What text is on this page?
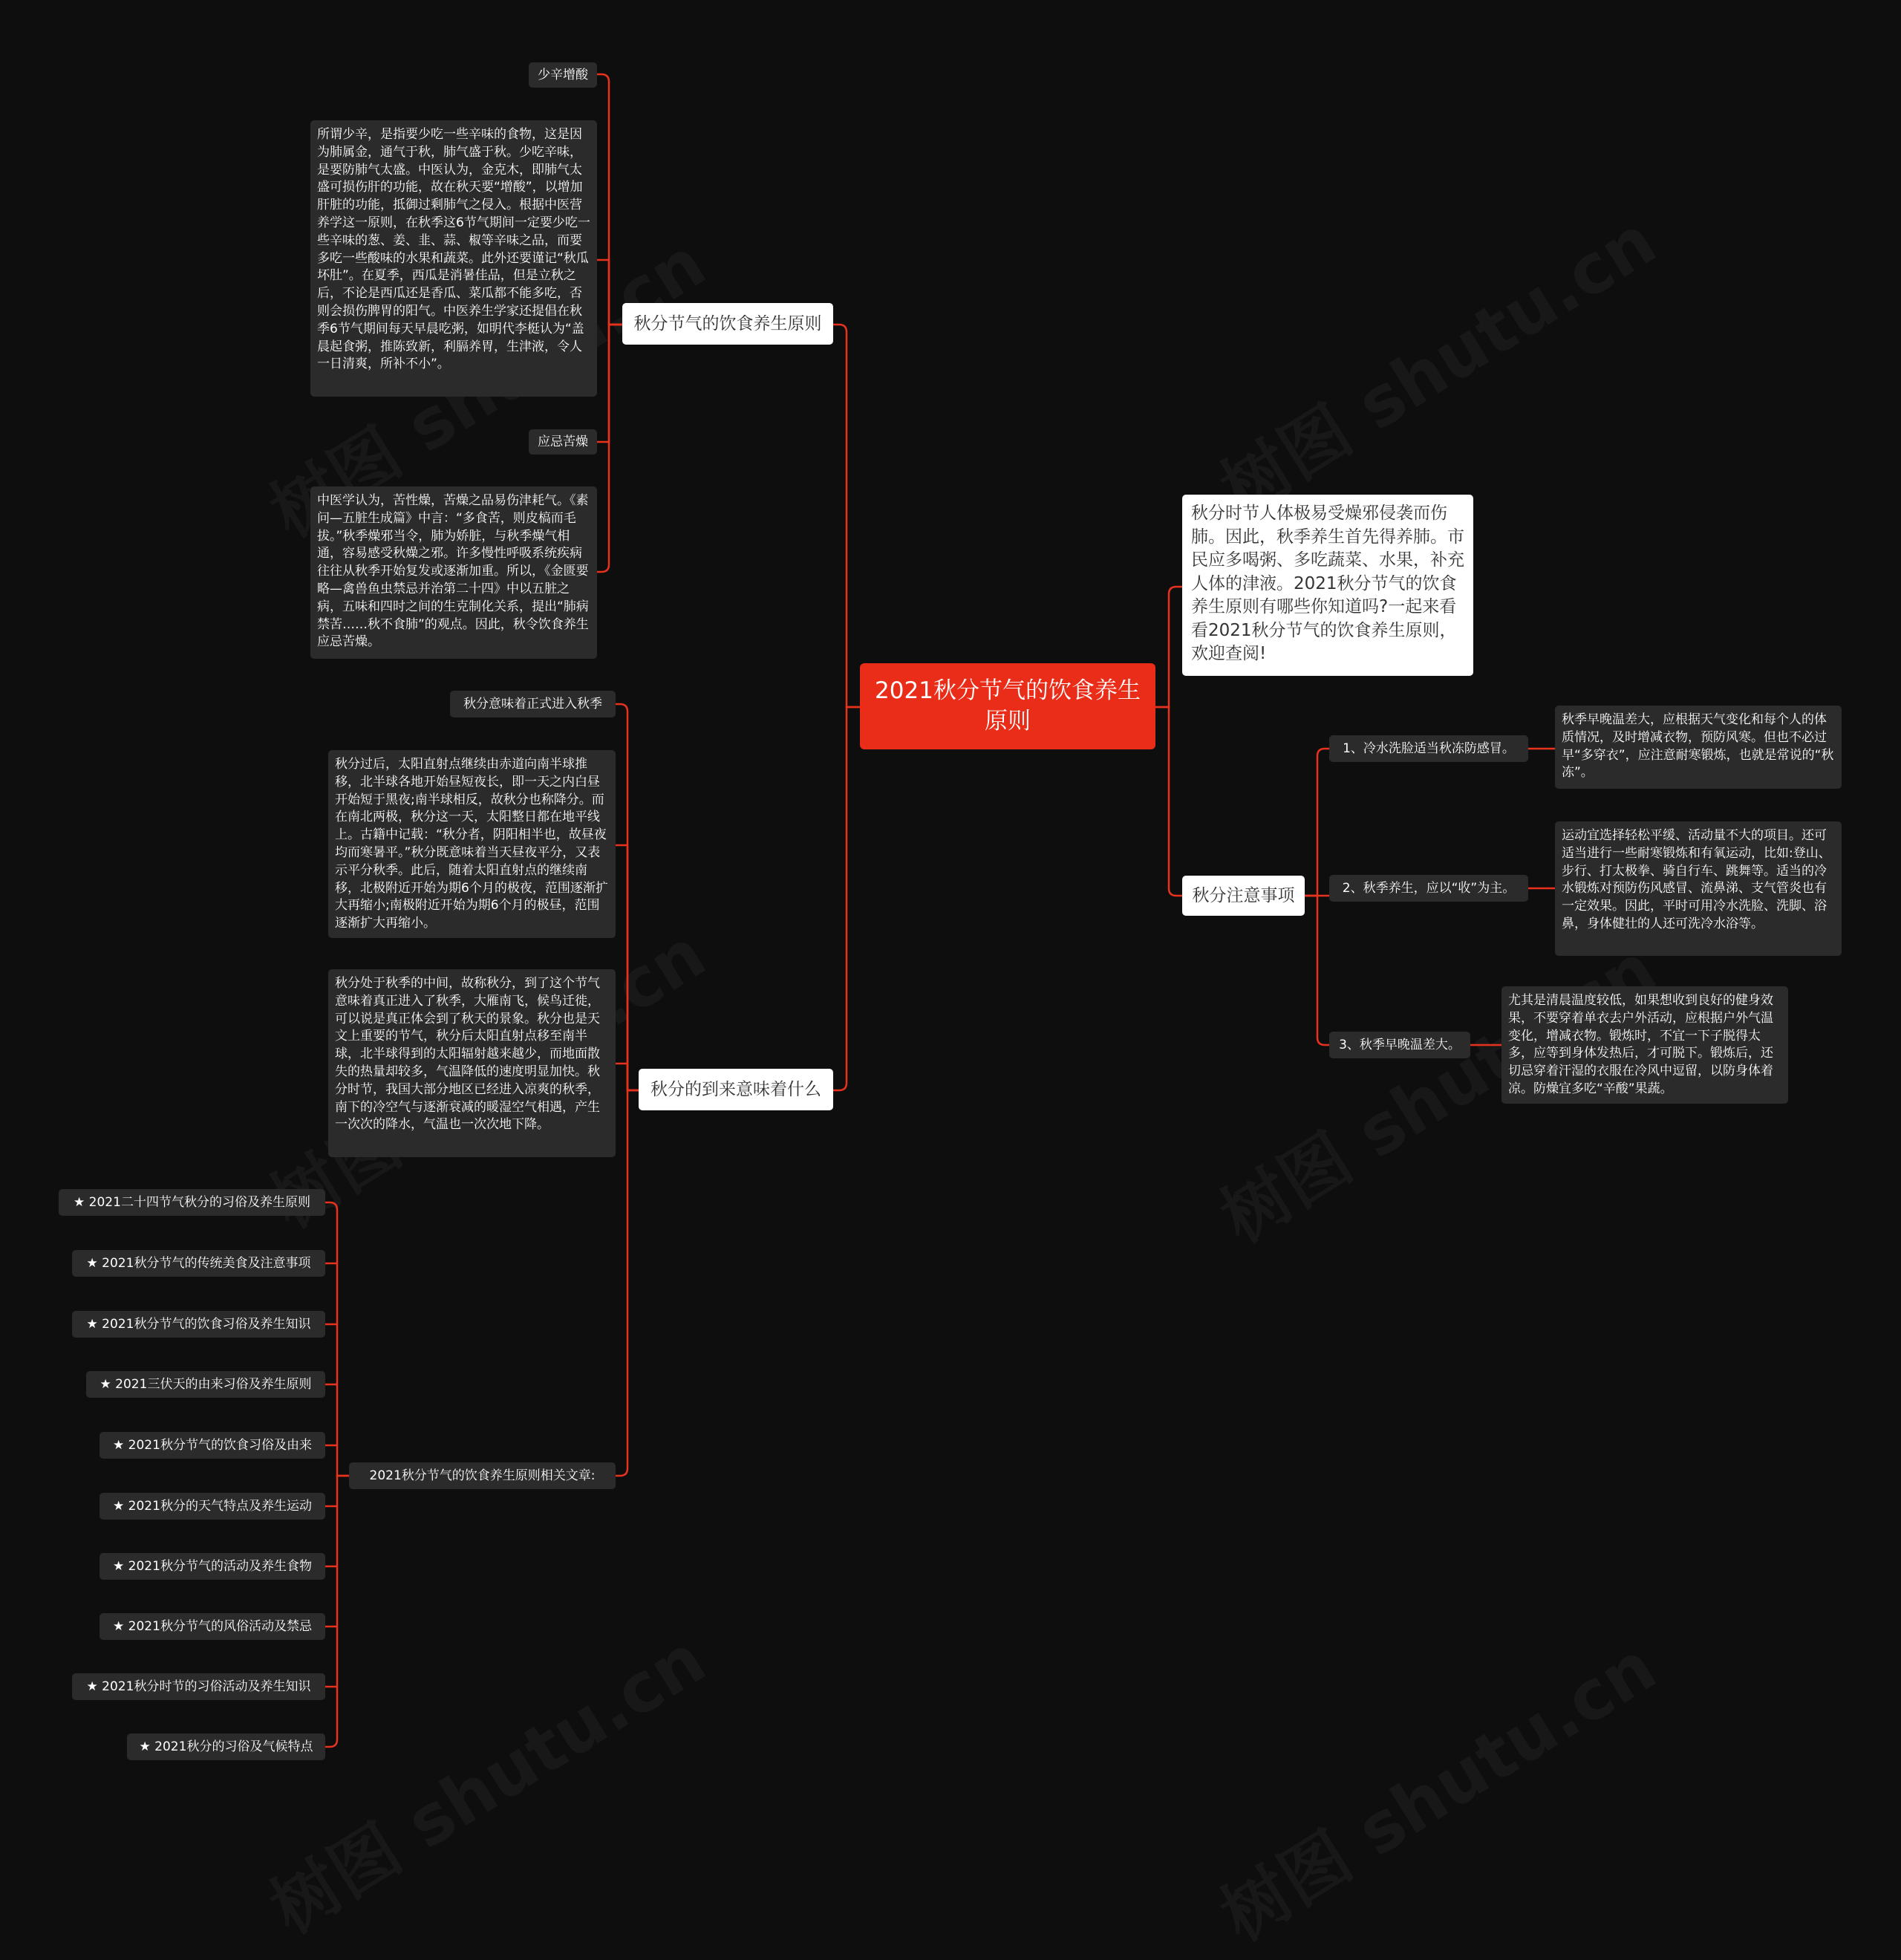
2021秋分节气的饮食养生原则
秋分时节人体极易受燥邪侵袭而伤肺。因此，秋季养生首先得养肺。市民应多喝粥、多吃蔬菜、水果，补充人体的津液。2021秋分节气的饮食养生原则有哪些你知道吗?一起来看看2021秋分节气的饮食养生原则，欢迎查阅!
秋分节气的饮食养生原则
少辛增酸
所谓少辛，是指要少吃一些辛味的食物，这是因为肺属金，通气于秋，肺气盛于秋。少吃辛味，是要防肺气太盛。中医认为，金克木，即肺气太盛可损伤肝的功能，故在秋天要“增酸”，以增加肝脏的功能，抵御过剩肺气之侵入。根据中医营养学这一原则，在秋季这6节气期间一定要少吃一些辛味的葱、姜、韭、蒜、椒等辛味之品，而要多吃一些酸味的水果和蔬菜。此外还要谨记“秋瓜坏肚”。在夏季，西瓜是消暑佳品，但是立秋之后，不论是西瓜还是香瓜、菜瓜都不能多吃，否则会损伤脾胃的阳气。中医养生学家还提倡在秋季6节气期间每天早晨吃粥，如明代李梃认为“盖晨起食粥，推陈致新，利膈养胃，生津液，令人一日清爽，所补不小”。
应忌苦燥
中医学认为，苦性燥，苦燥之品易伤津耗气。《素问—五脏生成篇》中言：“多食苦，则皮槁而毛拔。”秋季燥邪当令，肺为娇脏，与秋季燥气相通，容易感受秋燥之邪。许多慢性呼吸系统疾病往往从秋季开始复发或逐渐加重。所以，《金匮要略—禽兽鱼虫禁忌并治第二十四》中以五脏之病，五味和四时之间的生克制化关系，提出“肺病禁苦……秋不食肺”的观点。因此，秋令饮食养生应忌苦燥。
秋分的到来意味着什么
秋分意味着正式进入秋季
秋分过后，太阳直射点继续由赤道向南半球推移，北半球各地开始昼短夜长，即一天之内白昼开始短于黑夜;南半球相反，故秋分也称降分。而在南北两极，秋分这一天，太阳整日都在地平线上。古籍中记载：“秋分者，阴阳相半也，故昼夜均而寒暑平。”秋分既意味着当天昼夜平分，又表示平分秋季。此后，随着太阳直射点的继续南移，北极附近开始为期6个月的极夜，范围逐渐扩大再缩小;南极附近开始为期6个月的极昼，范围逐渐扩大再缩小。
秋分处于秋季的中间，故称秋分，到了这个节气意味着真正进入了秋季，大雁南飞，候鸟迁徙，可以说是真正体会到了秋天的景象。秋分也是天文上重要的节气，秋分后太阳直射点移至南半球，北半球得到的太阳辐射越来越少，而地面散失的热量却较多，气温降低的速度明显加快。秋分时节，我国大部分地区已经进入凉爽的秋季，南下的冷空气与逐渐衰减的暖湿空气相遇，产生一次次的降水，气温也一次次地下降。
2021秋分节气的饮食养生原则相关文章:
★ 2021二十四节气秋分的习俗及养生原则
★ 2021秋分节气的传统美食及注意事项
★ 2021秋分节气的饮食习俗及养生知识
★ 2021三伏天的由来习俗及养生原则
★ 2021秋分节气的饮食习俗及由来
★ 2021秋分的天气特点及养生运动
★ 2021秋分节气的活动及养生食物
★ 2021秋分节气的风俗活动及禁忌
★ 2021秋分时节的习俗活动及养生知识
★ 2021秋分的习俗及气候特点
秋分注意事项
1、冷水洗脸适当秋冻防感冒。
秋季早晚温差大，应根据天气变化和每个人的体质情况，及时增减衣物，预防风寒。但也不必过早“多穿衣”，应注意耐寒锻炼，也就是常说的“秋冻”。
2、秋季养生，应以“收”为主。
运动宜选择轻松平缓、活动量不大的项目。还可适当进行一些耐寒锻炼和有氧运动，比如:登山、步行、打太极拳、骑自行车、跳舞等。适当的冷水锻炼对预防伤风感冒、流鼻涕、支气管炎也有一定效果。因此，平时可用冷水洗脸、洗脚、浴鼻，身体健壮的人还可洗冷水浴等。
3、秋季早晚温差大。
尤其是清晨温度较低，如果想收到良好的健身效果，不要穿着单衣去户外活动，应根据户外气温变化，增减衣物。锻炼时，不宜一下子脱得太多，应等到身体发热后，才可脱下。锻炼后，还切忌穿着汗湿的衣服在冷风中逗留，以防身体着凉。防燥宜多吃“辛酸”果蔬。
